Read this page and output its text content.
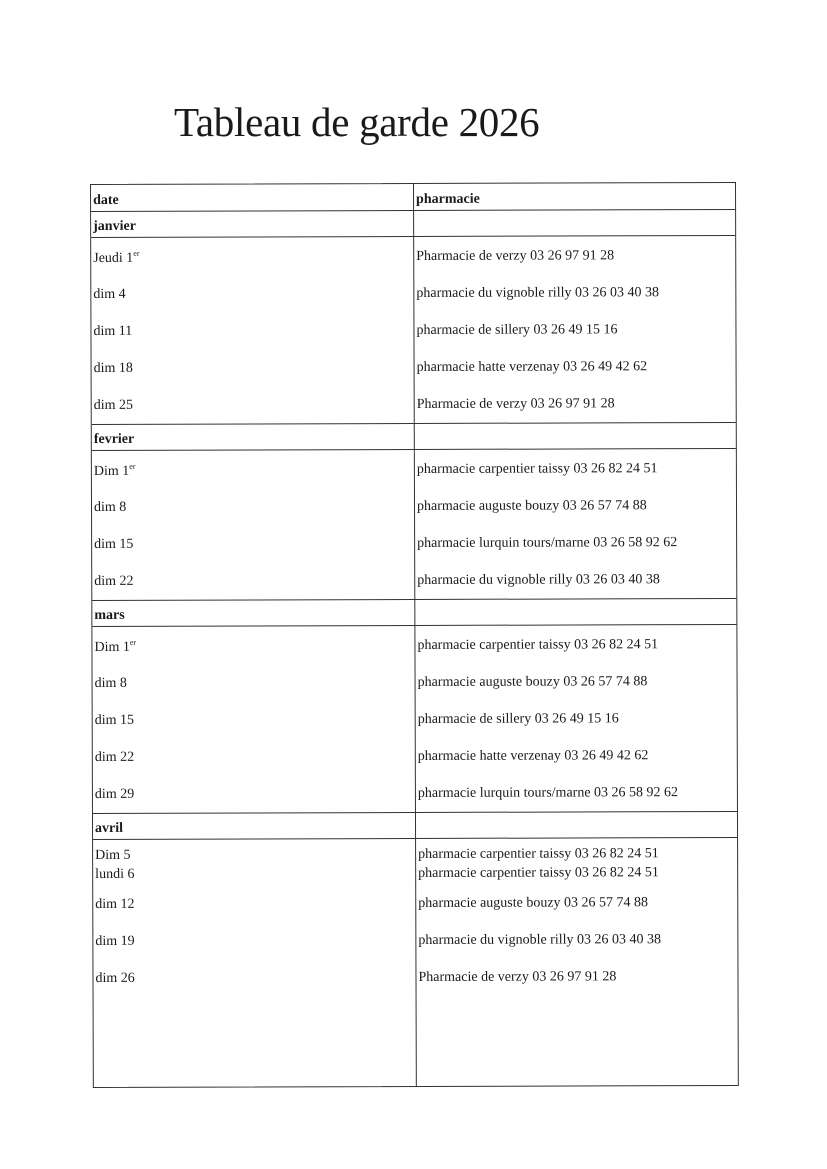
Tableau de garde 2026
date	pharmacie
janvier
Jeudi 1er	Pharmacie de verzy 03 26 97 91 28
dim 4	pharmacie du vignoble rilly 03 26 03 40 38
dim 11	pharmacie de sillery 03 26 49 15 16
dim 18	pharmacie hatte verzenay 03 26 49 42 62
dim 25	Pharmacie de verzy 03 26 97 91 28
fevrier
Dim 1er	pharmacie carpentier taissy 03 26 82 24 51
dim 8	pharmacie auguste bouzy 03 26 57 74 88
dim 15	pharmacie lurquin tours/marne 03 26 58 92 62
dim 22	pharmacie du vignoble rilly 03 26 03 40 38
mars
Dim 1er	pharmacie carpentier taissy 03 26 82 24 51
dim 8	pharmacie auguste bouzy 03 26 57 74 88
dim 15	pharmacie de sillery 03 26 49 15 16
dim 22	pharmacie hatte verzenay 03 26 49 42 62
dim 29	pharmacie lurquin tours/marne 03 26 58 92 62
avril
Dim 5	pharmacie carpentier taissy 03 26 82 24 51
lundi 6	pharmacie carpentier taissy 03 26 82 24 51
dim 12	pharmacie auguste bouzy 03 26 57 74 88
dim 19	pharmacie du vignoble rilly 03 26 03 40 38
dim 26	Pharmacie de verzy 03 26 97 91 28
